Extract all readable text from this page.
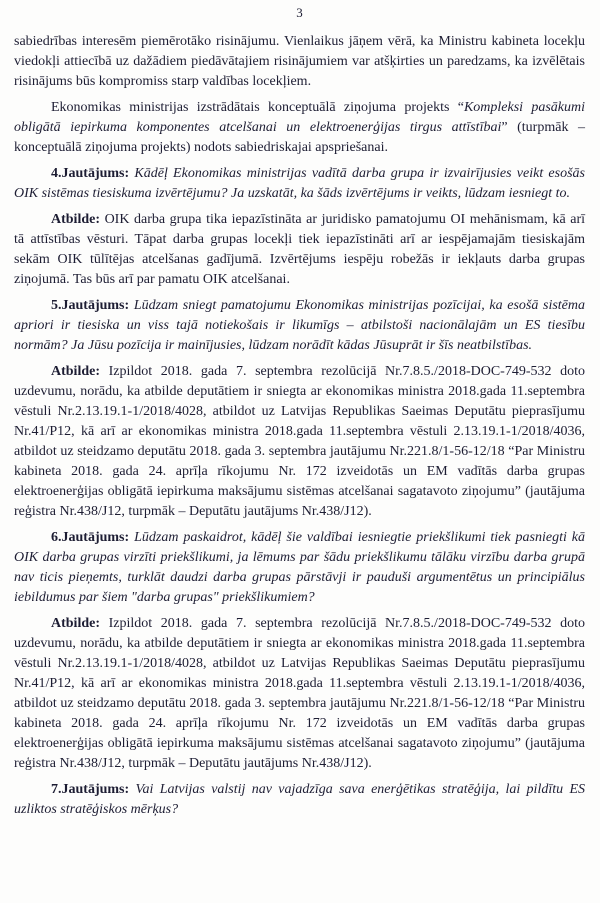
3

sabiedrības interesēm piemērotāko risinājumu. Vienlaikus jāņem vērā, ka Ministru kabineta locekļu viedokļi attiecībā uz dažādiem piedāvātajiem risinājumiem var atšķirties un paredzams, ka izvēlētais risinājums būs kompromiss starp valdības locekļiem.

Ekonomikas ministrijas izstrādātais konceptuālā ziņojuma projekts “Kompleksi pasākumi obligātā iepirkuma komponentes atcelšanai un elektroenerģijas tirgus attīstībai” (turpmāk – konceptuālā ziņojuma projekts) nodots sabiedriskajai apspriešanai.

4.Jautājums: Kādēļ Ekonomikas ministrijas vadītā darba grupa ir izvairījusies veikt esošās OIK sistēmas tiesiskuma izvērtējumu? Ja uzskatāt, ka šāds izvērtējums ir veikts, lūdzam iesniegt to.

Atbilde: OIK darba grupa tika iepazīstināta ar juridisko pamatojumu OI mehānismam, kā arī tā attīstības vēsturi. Tāpat darba grupas locekļi tiek iepazīstināti arī ar iespējamajām tiesiskajām sekām OIK tūlītējas atcelšanas gadījumā. Izvērtējums iespēju robežās ir iekļauts darba grupas ziņojumā. Tas būs arī par pamatu OIK atcelšanai.

5.Jautājums: Lūdzam sniegt pamatojumu Ekonomikas ministrijas pozīcijai, ka esošā sistēma apriori ir tiesiska un viss tajā notiekošais ir likumīgs – atbilstoši nacionālajām un ES tiesību normām? Ja Jūsu pozīcija ir mainījusies, lūdzam norādīt kādas Jūsuprāt ir šīs neatbilstības.

Atbilde: Izpildot 2018. gada 7. septembra rezolūcijā Nr.7.8.5./2018-DOC-749-532 doto uzdevumu, norādu, ka atbilde deputātiem ir sniegta ar ekonomikas ministra 2018.gada 11.septembra vēstuli Nr.2.13.19.1-1/2018/4028, atbildot uz Latvijas Republikas Saeimas Deputātu pieprasījumu Nr.41/P12, kā arī ar ekonomikas ministra 2018.gada 11.septembra vēstuli 2.13.19.1-1/2018/4036, atbildot uz steidzamo deputātu 2018. gada 3. septembra jautājumu Nr.221.8/1-56-12/18 “Par Ministru kabineta 2018. gada 24. aprīļa rīkojumu Nr. 172 izveidotās un EM vadītās darba grupas elektroenerģijas obligātā iepirkuma maksājumu sistēmas atcelšanai sagatavoto ziņojumu” (jautājuma reģistra Nr.438/J12, turpmāk – Deputātu jautājums Nr.438/J12).

6.Jautājums: Lūdzam paskaidrot, kādēļ šie valdībai iesniegtie priekšlikumi tiek pasniegti kā OIK darba grupas virzīti priekšlikumi, ja lēmums par šādu priekšlikumu tālāku virzību darba grupā nav ticis pieņemts, turklāt daudzi darba grupas pārstāvji ir pauduši argumentētus un principiālus iebildumus par šiem "darba grupas" priekšlikumiem?

Atbilde: Izpildot 2018. gada 7. septembra rezolūcijā Nr.7.8.5./2018-DOC-749-532 doto uzdevumu, norādu, ka atbilde deputātiem ir sniegta ar ekonomikas ministra 2018.gada 11.septembra vēstuli Nr.2.13.19.1-1/2018/4028, atbildot uz Latvijas Republikas Saeimas Deputātu pieprasījumu Nr.41/P12, kā arī ar ekonomikas ministra 2018.gada 11.septembra vēstuli 2.13.19.1-1/2018/4036, atbildot uz steidzamo deputātu 2018. gada 3. septembra jautājumu Nr.221.8/1-56-12/18 “Par Ministru kabineta 2018. gada 24. aprīļa rīkojumu Nr. 172 izveidotās un EM vadītās darba grupas elektroenerģijas obligātā iepirkuma maksājumu sistēmas atcelšanai sagatavoto ziņojumu” (jautājuma reģistra Nr.438/J12, turpmāk – Deputātu jautājums Nr.438/J12).

7.Jautājums: Vai Latvijas valstij nav vajadzīga sava enerģētikas stratēģija, lai pildītu ES uzliktos stratēģiskos mērķus?
